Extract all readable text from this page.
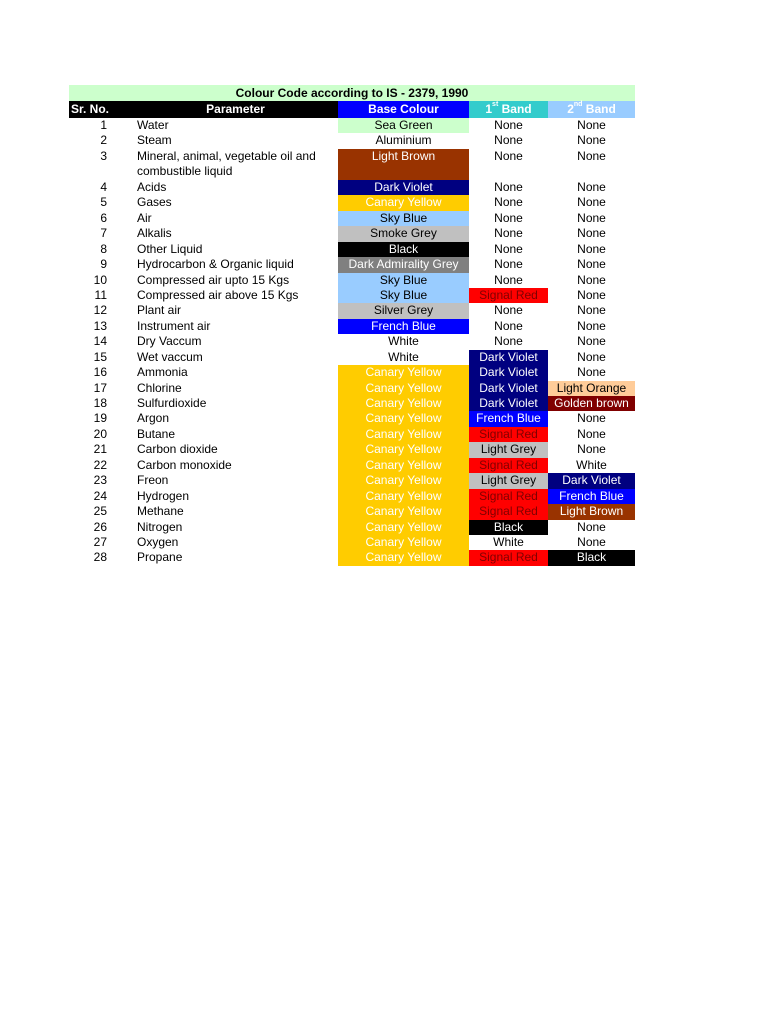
Colour Code according to IS - 2379, 1990
Sr. No.	Parameter	Base Colour	1st Band	2nd Band
1	Water	Sea Green	None	None
2	Steam	Aluminium	None	None
3	Mineral, animal, vegetable oil and combustible liquid	Light Brown	None	None
4	Acids	Dark Violet	None	None
5	Gases	Canary Yellow	None	None
6	Air	Sky Blue	None	None
7	Alkalis	Smoke Grey	None	None
8	Other Liquid	Black	None	None
9	Hydrocarbon & Organic liquid	Dark Admirality Grey	None	None
10	Compressed air upto 15 Kgs	Sky Blue	None	None
11	Compressed air above 15 Kgs	Sky Blue	Signal Red	None
12	Plant air	Silver Grey	None	None
13	Instrument air	French Blue	None	None
14	Dry Vaccum	White	None	None
15	Wet vaccum	White	Dark Violet	None
16	Ammonia	Canary Yellow	Dark Violet	None
17	Chlorine	Canary Yellow	Dark Violet	Light Orange
18	Sulfurdioxide	Canary Yellow	Dark Violet	Golden brown
19	Argon	Canary Yellow	French Blue	None
20	Butane	Canary Yellow	Signal Red	None
21	Carbon dioxide	Canary Yellow	Light Grey	None
22	Carbon monoxide	Canary Yellow	Signal Red	White
23	Freon	Canary Yellow	Light Grey	Dark Violet
24	Hydrogen	Canary Yellow	Signal Red	French Blue
25	Methane	Canary Yellow	Signal Red	Light Brown
26	Nitrogen	Canary Yellow	Black	None
27	Oxygen	Canary Yellow	White	None
28	Propane	Canary Yellow	Signal Red	Black
